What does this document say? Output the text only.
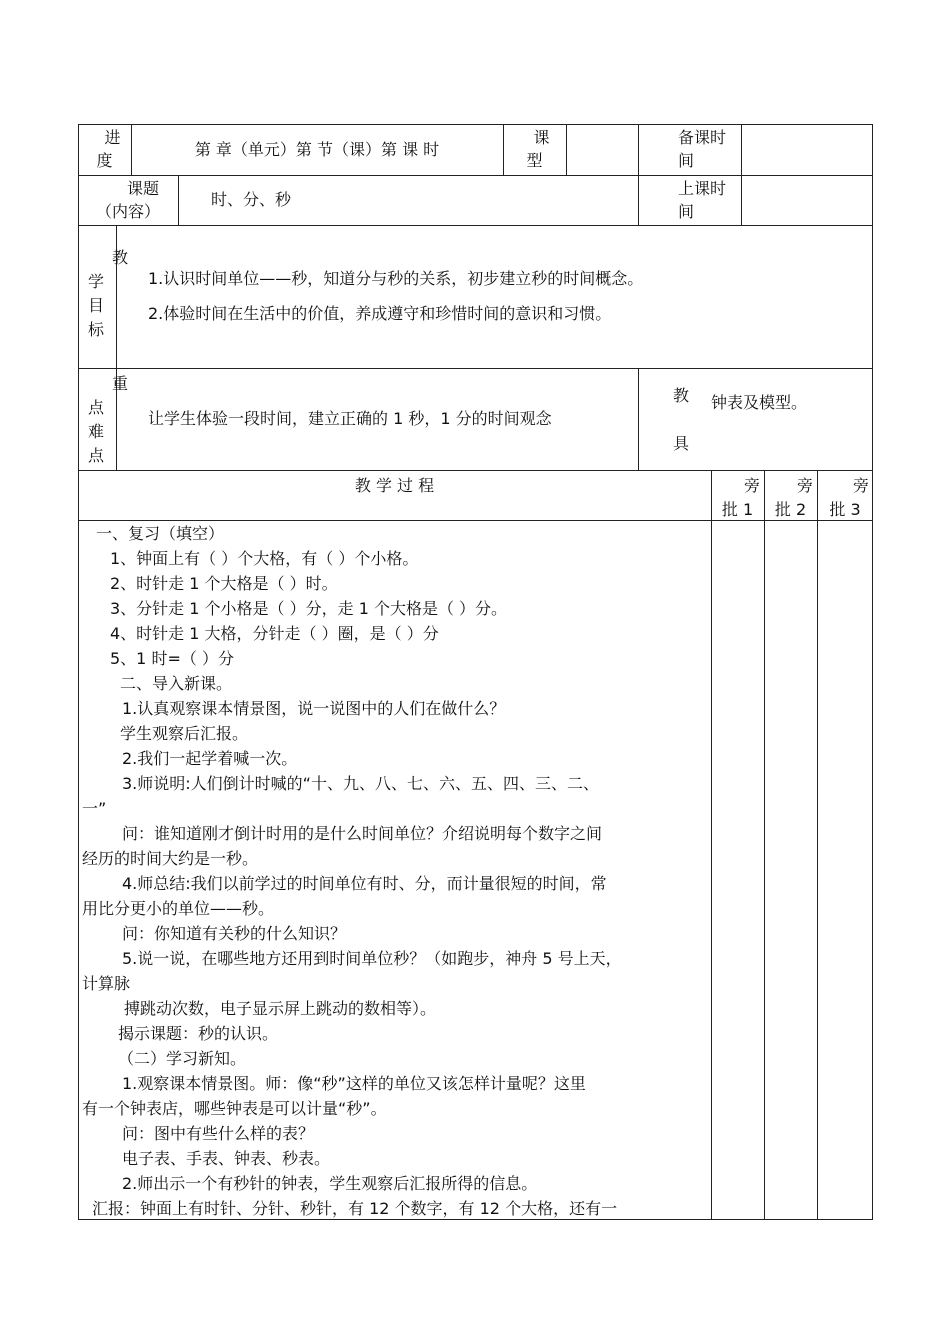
进
度
第 章（单元）第 节（课）第 课 时
课
型
备课时
间
课题
（内容）
时、分、秒
上课时
间
教
学
目
标
1.认识时间单位——秒，知道分与秒的关系，初步建立秒的时间概念。
2.体验时间在生活中的价值，养成遵守和珍惜时间的意识和习惯。
重
点
难
点
让学生体验一段时间，建立正确的 1 秒，1 分的时间观念
教
具
钟表及模型。
教 学 过 程	旁
批 1
旁
批 2
旁
批 3
一、复习（填空）
1、钟面上有（ ）个大格，有（ ）个小格。
2、时针走 1 个大格是（ ）时。
3、分针走 1 个小格是（ ）分，走 1 个大格是（ ）分。
4、时针走 1 大格，分针走（ ）圈，是（ ）分
5、1 时=（ ）分
二、导入新课。
1.认真观察课本情景图，说一说图中的人们在做什么？
学生观察后汇报。
2.我们一起学着喊一次。
3.师说明:人们倒计时喊的“十、九、八、七、六、五、四、三、二、
一”
问：谁知道刚才倒计时用的是什么时间单位？介绍说明每个数字之间
经历的时间大约是一秒。
4.师总结:我们以前学过的时间单位有时、分，而计量很短的时间，常
用比分更小的单位——秒。
问：你知道有关秒的什么知识？
5.说一说，在哪些地方还用到时间单位秒？（如跑步，神舟 5 号上天，
计算脉
搏跳动次数，电子显示屏上跳动的数相等）。
揭示课题：秒的认识。
（二）学习新知。
1.观察课本情景图。师：像“秒”这样的单位又该怎样计量呢？这里
有一个钟表店，哪些钟表是可以计量“秒”。
问：图中有些什么样的表？
电子表、手表、钟表、秒表。
2.师出示一个有秒针的钟表，学生观察后汇报所得的信息。
汇报：钟面上有时针、分针、秒针，有 12 个数字，有 12 个大格，还有一
